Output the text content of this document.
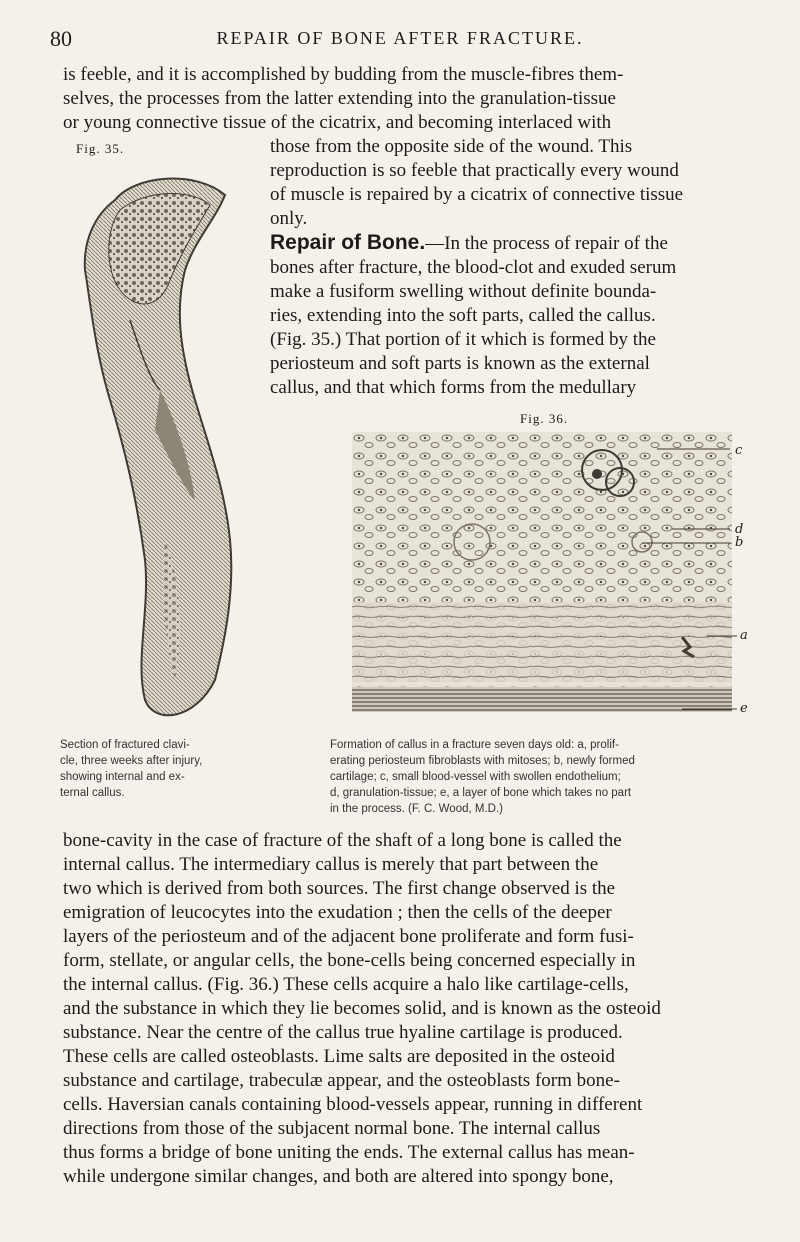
80	REPAIR OF BONE AFTER FRACTURE.
is feeble, and it is accomplished by budding from the muscle-fibres them-
selves, the processes from the latter extending into the granulation-tissue
or young connective tissue of the cicatrix, and becoming interlaced with
those from the opposite side of the wound. This
reproduction is so feeble that practically every wound
of muscle is repaired by a cicatrix of connective tissue
only.
Repair of Bone.—In the process of repair of the
bones after fracture, the blood-clot and exuded serum
make a fusiform swelling without definite bounda-
ries, extending into the soft parts, called the callus.
(Fig. 35.) That portion of it which is formed by the
periosteum and soft parts is known as the external
callus, and that which forms from the medullary
Fig. 35.
Section of fractured clavi-
cle, three weeks after injury,
showing internal and ex-
ternal callus.
Fig. 36.
c
d
b
a
e
Formation of callus in a fracture seven days old: a, prolif-
erating periosteum fibroblasts with mitoses; b, newly formed
cartilage; c, small blood-vessel with swollen endothelium;
d, granulation-tissue; e, a layer of bone which takes no part
in the process. (F. C. Wood, M.D.)
bone-cavity in the case of fracture of the shaft of a long bone is called the
internal callus. The intermediary callus is merely that part between the
two which is derived from both sources. The first change observed is the
emigration of leucocytes into the exudation ; then the cells of the deeper
layers of the periosteum and of the adjacent bone proliferate and form fusi-
form, stellate, or angular cells, the bone-cells being concerned especially in
the internal callus. (Fig. 36.) These cells acquire a halo like cartilage-cells,
and the substance in which they lie becomes solid, and is known as the osteoid
substance. Near the centre of the callus true hyaline cartilage is produced.
These cells are called osteoblasts. Lime salts are deposited in the osteoid
substance and cartilage, trabeculæ appear, and the osteoblasts form bone-
cells. Haversian canals containing blood-vessels appear, running in different
directions from those of the subjacent normal bone. The internal callus
thus forms a bridge of bone uniting the ends. The external callus has mean-
while undergone similar changes, and both are altered into spongy bone,
